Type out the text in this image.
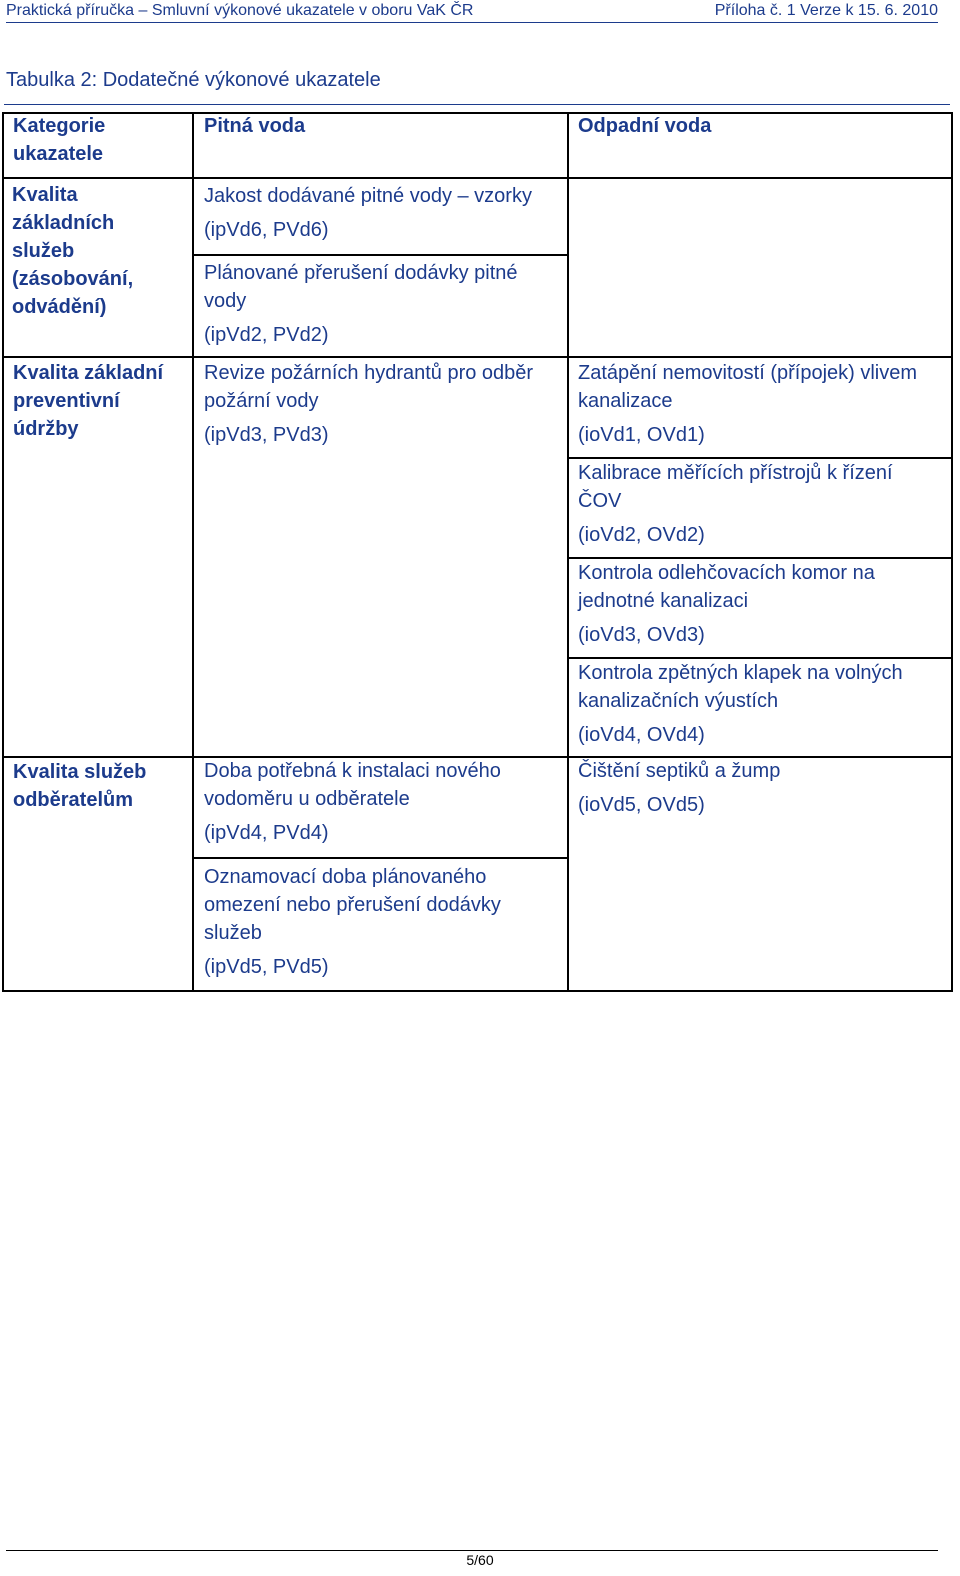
Praktická příručka – Smluvní výkonové ukazatele v oboru VaK ČR	Příloha č. 1 Verze k 15. 6. 2010
Tabulka 2: Dodatečné výkonové ukazatele
Kategorie ukazatele
Pitná voda	Odpadní voda
Kvalita základních služeb (zásobování, odvádění)
Kvalita základní preventivní údržby
Kvalita služeb odběratelům
Jakost dodávané pitné vody – vzorky
(ipVd6, PVd6)
Plánované přerušení dodávky pitné vody
(ipVd2, PVd2)
Revize požárních hydrantů pro odběr požární vody
(ipVd3, PVd3)
Doba potřebná k instalaci nového vodoměru u odběratele
(ipVd4, PVd4)
Oznamovací doba plánovaného omezení nebo přerušení dodávky služeb
(ipVd5, PVd5)
Zatápění nemovitostí (přípojek) vlivem kanalizace
(ioVd1, OVd1)
Kalibrace měřících přístrojů k řízení ČOV
(ioVd2, OVd2)
Kontrola odlehčovacích komor na jednotné kanalizaci
(ioVd3, OVd3)
Kontrola zpětných klapek na volných kanalizačních výustích
(ioVd4, OVd4)
Čištění septiků a žump
(ioVd5, OVd5)
5/60
